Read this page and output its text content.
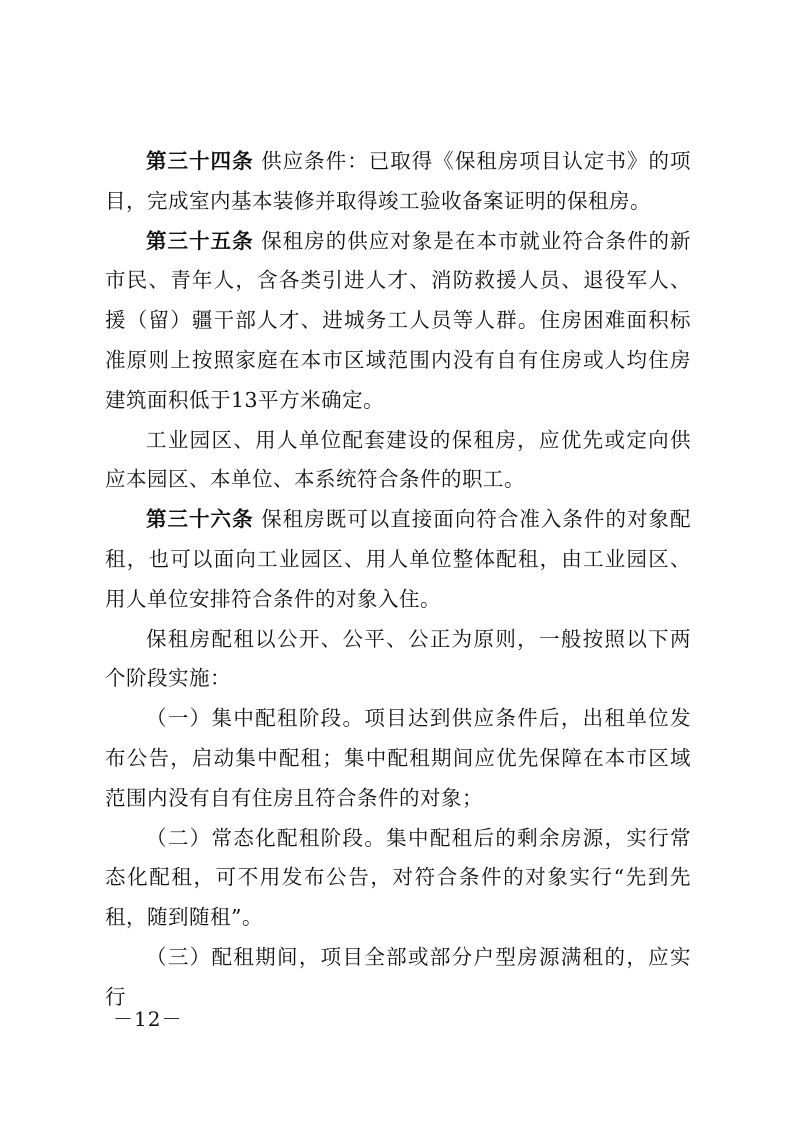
第三十四条 供应条件：已取得《保租房项目认定书》的项目，完成室内基本装修并取得竣工验收备案证明的保租房。

第三十五条 保租房的供应对象是在本市就业符合条件的新市民、青年人，含各类引进人才、消防救援人员、退役军人、援（留）疆干部人才、进城务工人员等人群。住房困难面积标准原则上按照家庭在本市区域范围内没有自有住房或人均住房建筑面积低于13平方米确定。

工业园区、用人单位配套建设的保租房，应优先或定向供应本园区、本单位、本系统符合条件的职工。

第三十六条 保租房既可以直接面向符合准入条件的对象配租，也可以面向工业园区、用人单位整体配租，由工业园区、用人单位安排符合条件的对象入住。

保租房配租以公开、公平、公正为原则，一般按照以下两个阶段实施：

（一）集中配租阶段。项目达到供应条件后，出租单位发布公告，启动集中配租；集中配租期间应优先保障在本市区域范围内没有自有住房且符合条件的对象；

（二）常态化配租阶段。集中配租后的剩余房源，实行常态化配租，可不用发布公告，对符合条件的对象实行“先到先租，随到随租”。

（三）配租期间，项目全部或部分户型房源满租的，应实行

－12－
